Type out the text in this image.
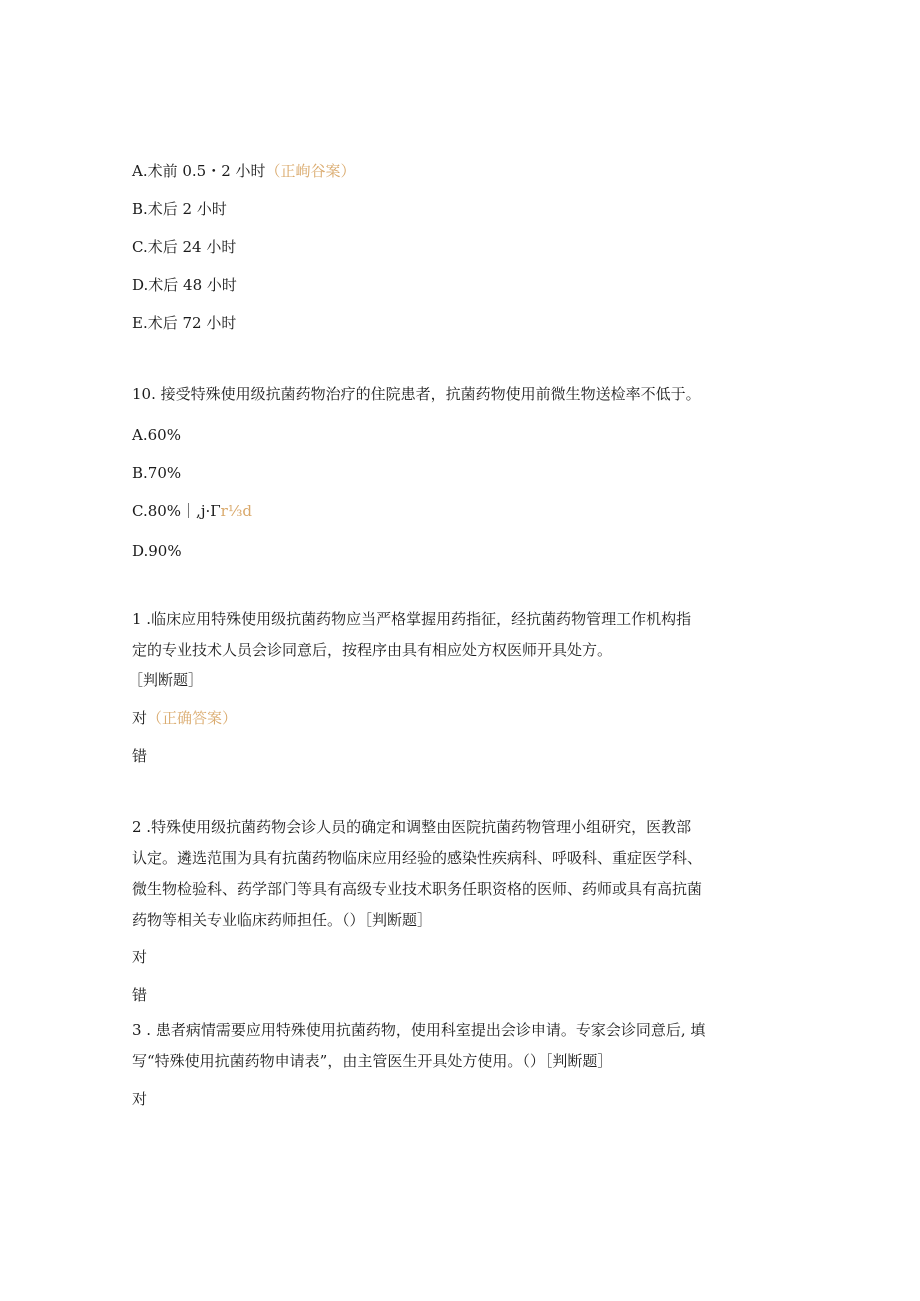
A.术前 0.5・2 小时（正峋谷案）
B.术后 2 小时
C.术后 24 小时
D.术后 48 小时
E.术后 72 小时
10. 接受特殊使用级抗菌药物治疗的住院患者，抗菌药物使用前微生物送检率不低于。
A.60%
B.70%
C.80%｜,j·Γr⅓d
D.90%
1 .临床应用特殊使用级抗菌药物应当严格掌握用药指征，经抗菌药物管理工作机构指
定的专业技术人员会诊同意后，按程序由具有相应处方权医师开具处方。
［判断题］
对（正确答案）
错
2 .特殊使用级抗菌药物会诊人员的确定和调整由医院抗菌药物管理小组研究，医教部
认定。遴选范围为具有抗菌药物临床应用经验的感染性疾病科、呼吸科、重症医学科、
微生物检验科、药学部门等具有高级专业技术职务任职资格的医师、药师或具有高抗菌
药物等相关专业临床药师担任。（）［判断题］
对
错
3 . 患者病情需要应用特殊使用抗菌药物，使用科室提出会诊申请。专家会诊同意后, 填
写“特殊使用抗菌药物申请表”，由主管医生开具处方使用。（）［判断题］
对
